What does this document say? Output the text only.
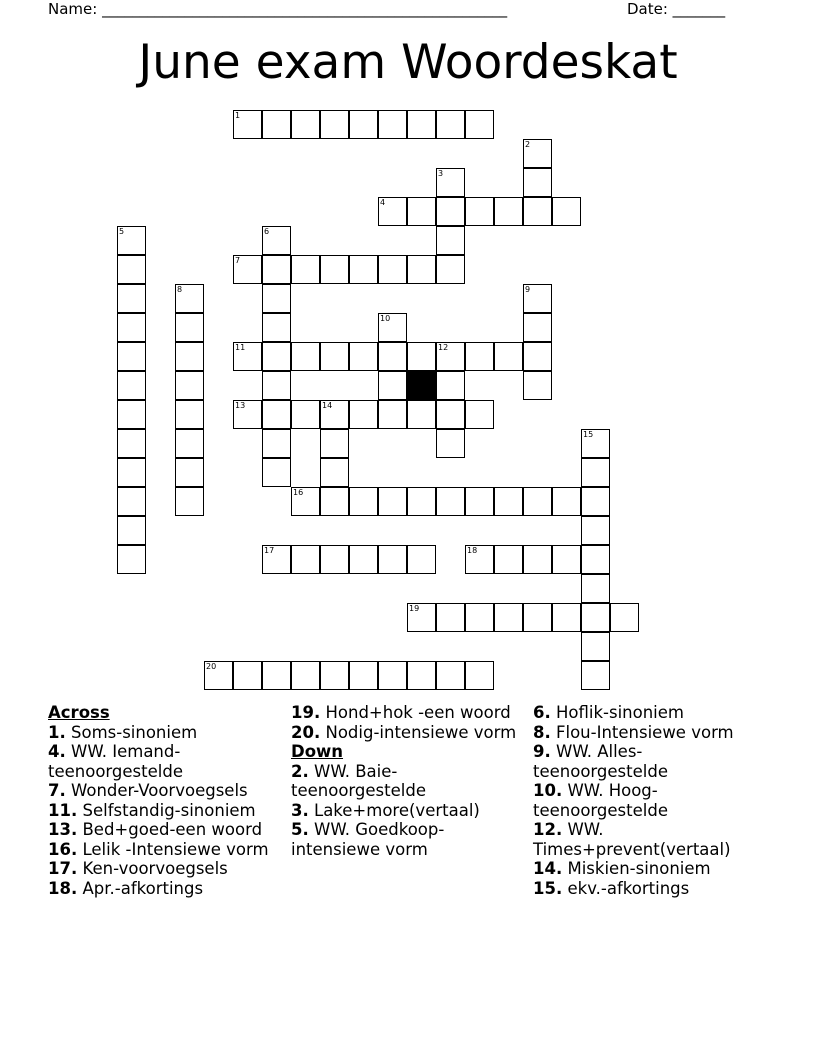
Name: ______________________________________________________	Date: _______
June exam Woordeskat
1
4
7
11	12
13	14
16
17	18
19
20
2
3
5	6
8	9
10
15
Across
1. Soms-sinoniem
4. WW. Iemand-teenoorgestelde
7. Wonder-Voorvoegsels
11. Selfstandig-sinoniem
13. Bed+goed-een woord
16. Lelik -Intensiewe vorm
17. Ken-voorvoegsels
18. Apr.-afkortings
19. Hond+hok -een woord
20. Nodig-intensiewe vorm
Down
2. WW. Baie-teenoorgestelde
3. Lake+more(vertaal)
5. WW. Goedkoop-intensiewe vorm
6. Hoflik-sinoniem
8. Flou-Intensiewe vorm
9. WW. Alles-teenoorgestelde
10. WW. Hoog-teenoorgestelde
12. WW. Times+prevent(vertaal)
14. Miskien-sinoniem
15. ekv.-afkortings
